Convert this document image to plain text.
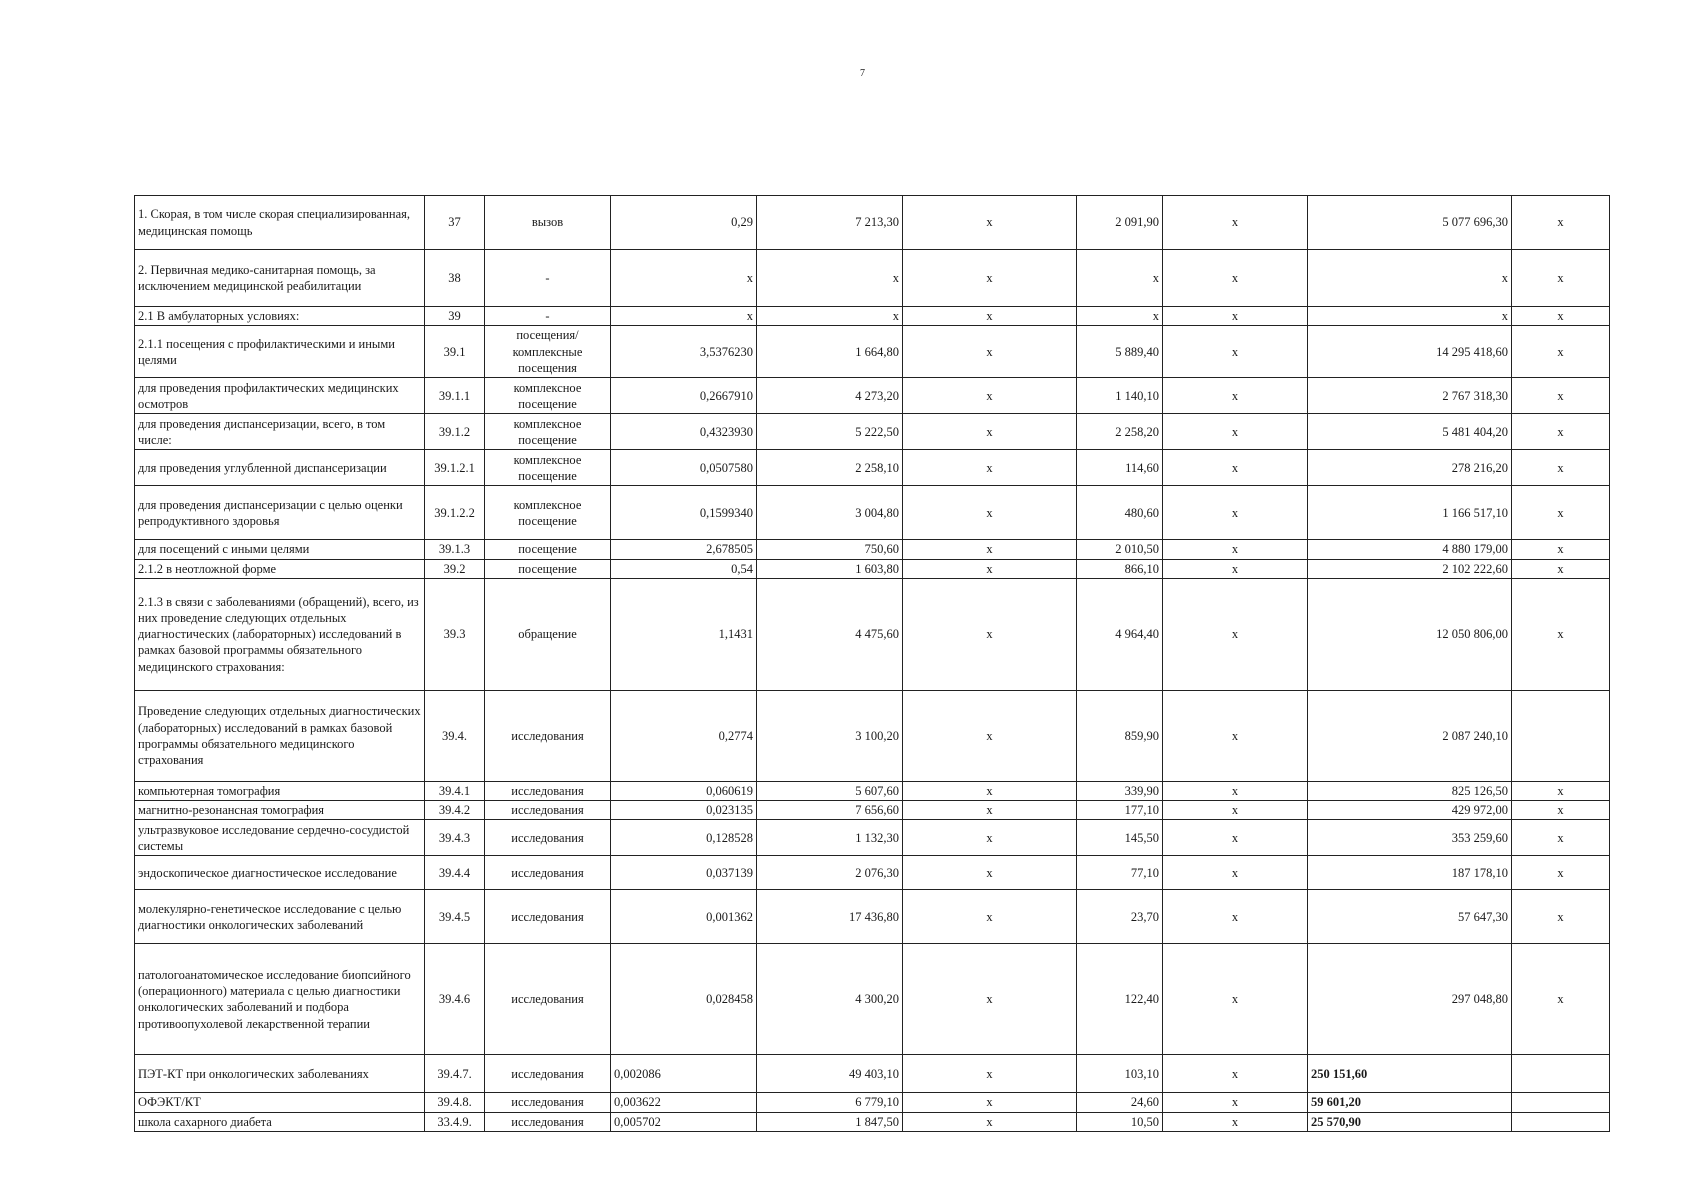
7
1. Скорая, в том числе скорая специализированная, медицинская помощь	37	вызов	0,29	7 213,30	х	2 091,90	х	5 077 696,30	х
2. Первичная медико-санитарная помощь, за исключением медицинской реабилитации	38	-	х	х	х	х	х	х	х
2.1 В амбулаторных условиях:	39	-	х	х	х	х	х	х	х
2.1.1 посещения с профилактическими и иными целями	39.1	посещения/комплексные посещения	3,5376230	1 664,80	х	5 889,40	х	14 295 418,60	х
для проведения профилактических медицинских осмотров	39.1.1	комплексное посещение	0,2667910	4 273,20	х	1 140,10	х	2 767 318,30	х
для проведения диспансеризации, всего, в том числе:	39.1.2	комплексное посещение	0,4323930	5 222,50	х	2 258,20	х	5 481 404,20	х
для проведения углубленной диспансеризации	39.1.2.1	комплексное посещение	0,0507580	2 258,10	х	114,60	х	278 216,20	х
для проведения диспансеризации с целью оценки репродуктивного здоровья	39.1.2.2	комплексное посещение	0,1599340	3 004,80	х	480,60	х	1 166 517,10	х
для посещений с иными целями	39.1.3	посещение	2,678505	750,60	х	2 010,50	х	4 880 179,00	х
2.1.2 в неотложной форме	39.2	посещение	0,54	1 603,80	х	866,10	х	2 102 222,60	х
2.1.3 в связи с заболеваниями (обращений), всего, из них проведение следующих отдельных диагностических (лабораторных) исследований в рамках базовой программы обязательного медицинского страхования:	39.3	обращение	1,1431	4 475,60	х	4 964,40	х	12 050 806,00	х
Проведение следующих отдельных диагностических (лабораторных) исследований в рамках базовой программы обязательного медицинского страхования	39.4.	исследования	0,2774	3 100,20	х	859,90	х	2 087 240,10	
компьютерная томография	39.4.1	исследования	0,060619	5 607,60	х	339,90	х	825 126,50	х
магнитно-резонансная томография	39.4.2	исследования	0,023135	7 656,60	х	177,10	х	429 972,00	х
ультразвуковое исследование сердечно-сосудистой системы	39.4.3	исследования	0,128528	1 132,30	х	145,50	х	353 259,60	х
эндоскопическое диагностическое исследование	39.4.4	исследования	0,037139	2 076,30	х	77,10	х	187 178,10	х
молекулярно-генетическое исследование с целью диагностики онкологических заболеваний	39.4.5	исследования	0,001362	17 436,80	х	23,70	х	57 647,30	х
патологоанатомическое исследование биопсийного (операционного) материала с целью диагностики онкологических заболеваний и подбора противоопухолевой лекарственной терапии	39.4.6	исследования	0,028458	4 300,20	х	122,40	х	297 048,80	х
ПЭТ-КТ при онкологических заболеваниях	39.4.7.	исследования	0,002086	49 403,10	х	103,10	х	250 151,60	
ОФЭКТ/КТ	39.4.8.	исследования	0,003622	6 779,10	х	24,60	х	59 601,20	
школа сахарного диабета	33.4.9.	исследования	0,005702	1 847,50	х	10,50	х	25 570,90	
